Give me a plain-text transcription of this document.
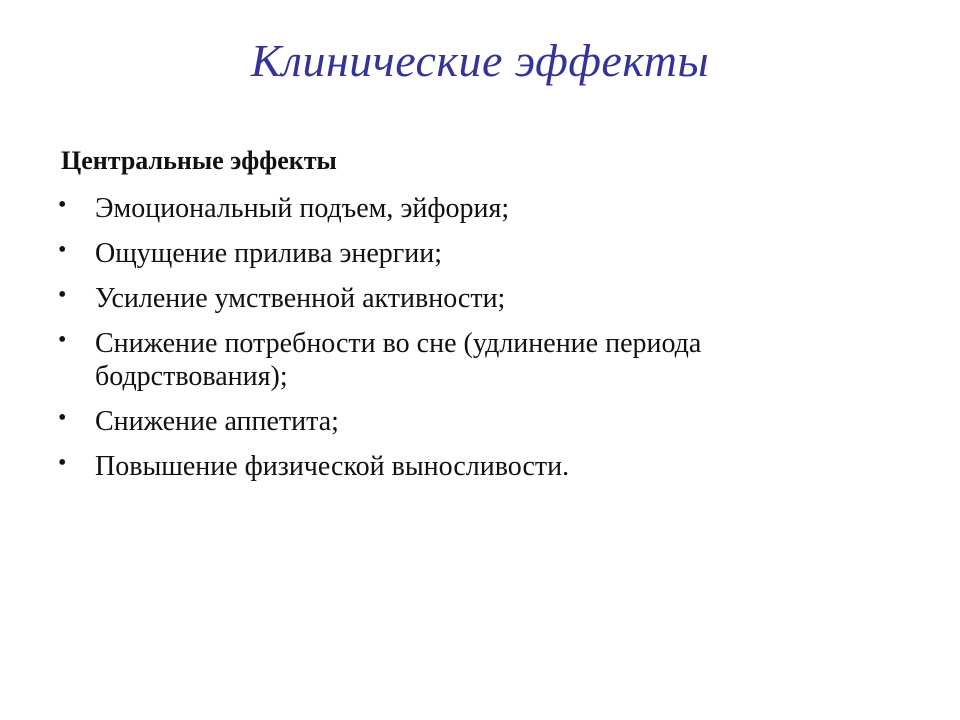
Клинические эффекты
Центральные эффекты
• Эмоциональный подъем, эйфория;
• Ощущение прилива энергии;
• Усиление умственной активности;
• Снижение потребности во сне (удлинение периода бодрствования);
• Снижение аппетита;
• Повышение физической выносливости.
